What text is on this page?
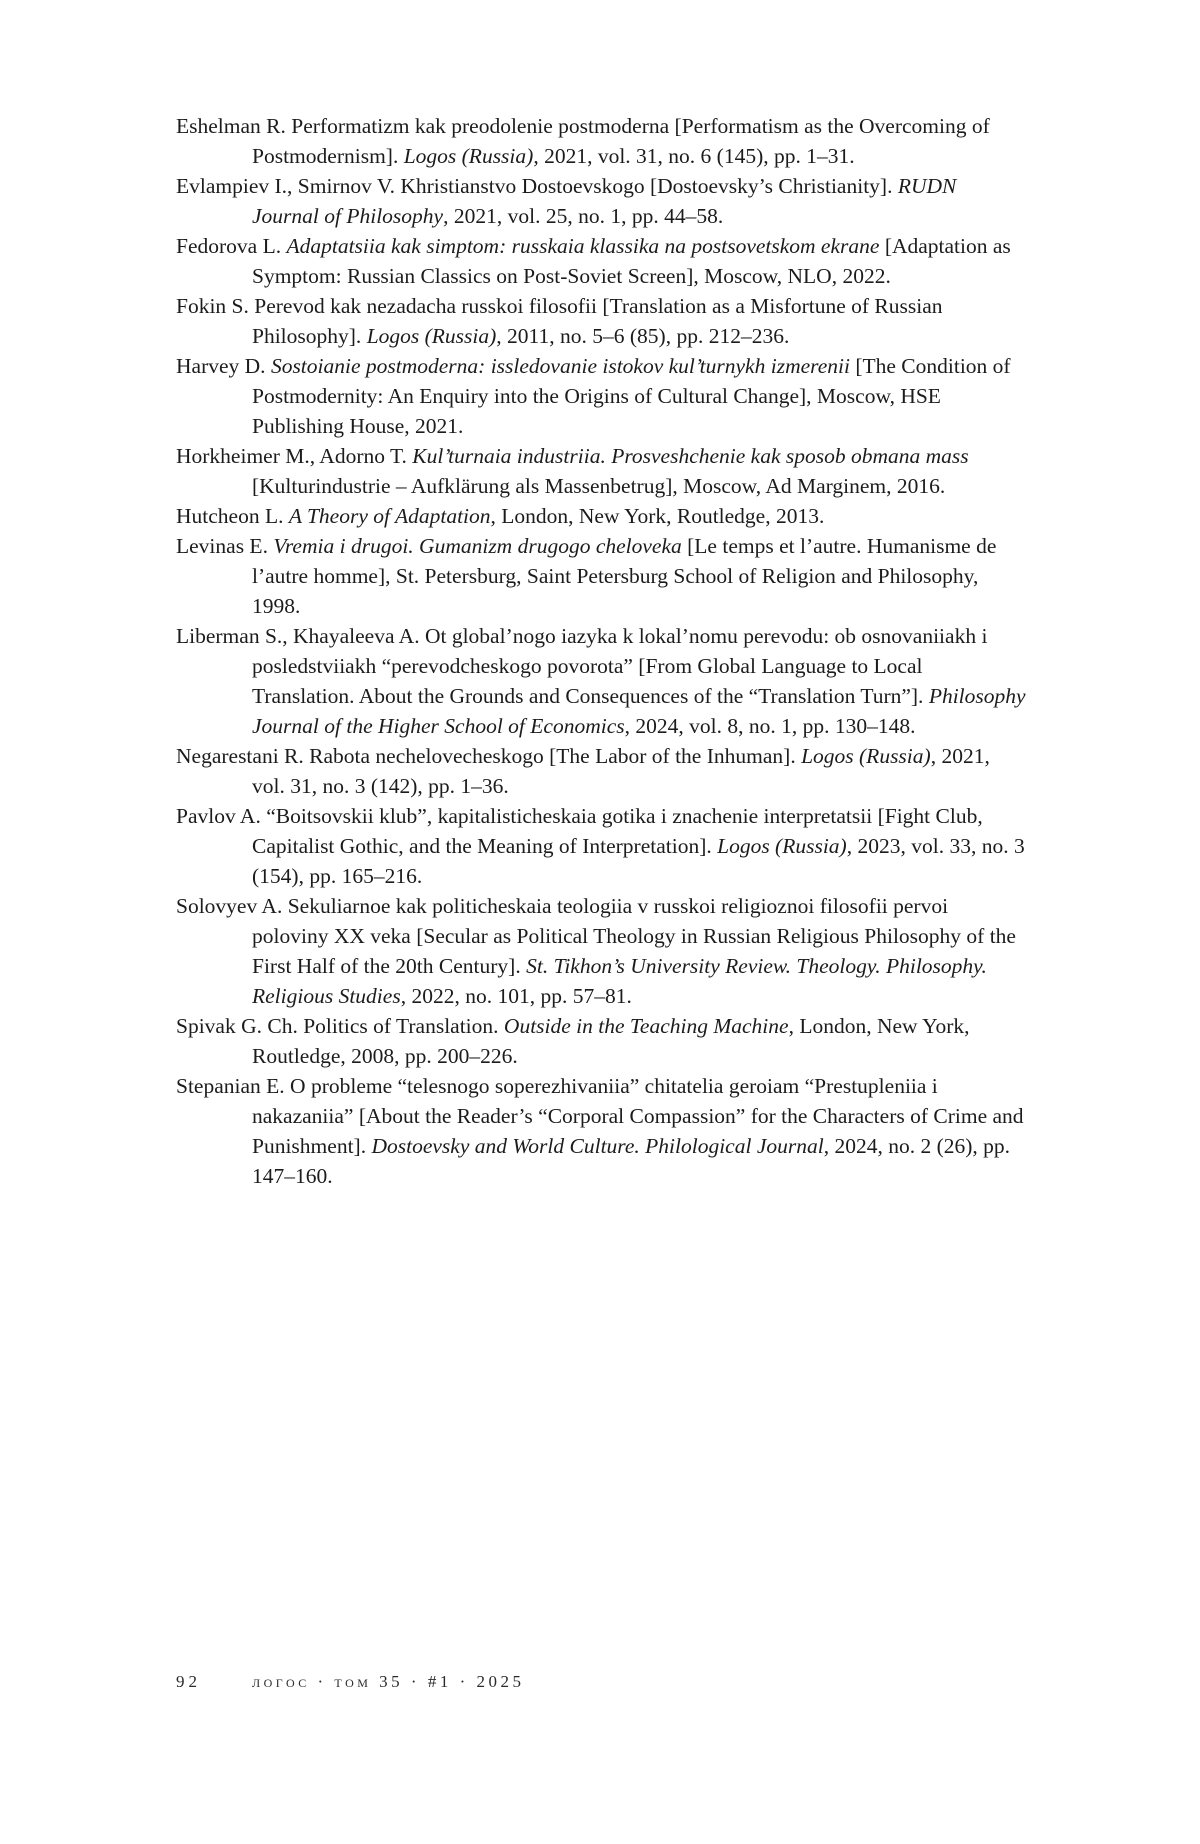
Eshelman R. Performatizm kak preodolenie postmoderna [Performatism as the Overcoming of Postmodernism]. Logos (Russia), 2021, vol. 31, no. 6 (145), pp. 1–31.
Evlampiev I., Smirnov V. Khristianstvo Dostoevskogo [Dostoevsky’s Christianity]. RUDN Journal of Philosophy, 2021, vol. 25, no. 1, pp. 44–58.
Fedorova L. Adaptatsiia kak simptom: russkaia klassika na postsovetskom ekrane [Adaptation as Symptom: Russian Classics on Post-Soviet Screen], Moscow, NLO, 2022.
Fokin S. Perevod kak nezadacha russkoi filosofii [Translation as a Misfortune of Russian Philosophy]. Logos (Russia), 2011, no. 5–6 (85), pp. 212–236.
Harvey D. Sostoianie postmoderna: issledovanie istokov kul’turnykh izmerenii [The Condition of Postmodernity: An Enquiry into the Origins of Cultural Change], Moscow, HSE Publishing House, 2021.
Horkheimer M., Adorno T. Kul’turnaia industriia. Prosveshchenie kak sposob obmana mass [Kulturindustrie – Aufklärung als Massenbetrug], Moscow, Ad Marginem, 2016.
Hutcheon L. A Theory of Adaptation, London, New York, Routledge, 2013.
Levinas E. Vremia i drugoi. Gumanizm drugogo cheloveka [Le temps et l’autre. Humanisme de l’autre homme], St. Petersburg, Saint Petersburg School of Religion and Philosophy, 1998.
Liberman S., Khayaleeva A. Ot global’nogo iazyka k lokal’nomu perevodu: ob osnovaniiakh i posledstviiakh “perevodcheskogo povorota” [From Global Language to Local Translation. About the Grounds and Consequences of the “Translation Turn”]. Philosophy Journal of the Higher School of Economics, 2024, vol. 8, no. 1, pp. 130–148.
Negarestani R. Rabota nechelovecheskogo [The Labor of the Inhuman]. Logos (Russia), 2021, vol. 31, no. 3 (142), pp. 1–36.
Pavlov A. “Boitsovskii klub”, kapitalisticheskaia gotika i znachenie interpretatsii [Fight Club, Capitalist Gothic, and the Meaning of Interpretation]. Logos (Russia), 2023, vol. 33, no. 3 (154), pp. 165–216.
Solovyev A. Sekuliarnoe kak politicheskaia teologiia v russkoi religioznoi filosofii pervoi poloviny XX veka [Secular as Political Theology in Russian Religious Philosophy of the First Half of the 20th Century]. St. Tikhon’s University Review. Theology. Philosophy. Religious Studies, 2022, no. 101, pp. 57–81.
Spivak G. Ch. Politics of Translation. Outside in the Teaching Machine, London, New York, Routledge, 2008, pp. 200–226.
Stepanian E. O probleme “telesnogo soperezhivaniia” chitatelia geroiam “Prestupleniia i nakazaniia” [About the Reader’s “Corporal Compassion” for the Characters of Crime and Punishment]. Dostoevsky and World Culture. Philological Journal, 2024, no. 2 (26), pp. 147–160.
92	логос · том 35 · #1 · 2025
